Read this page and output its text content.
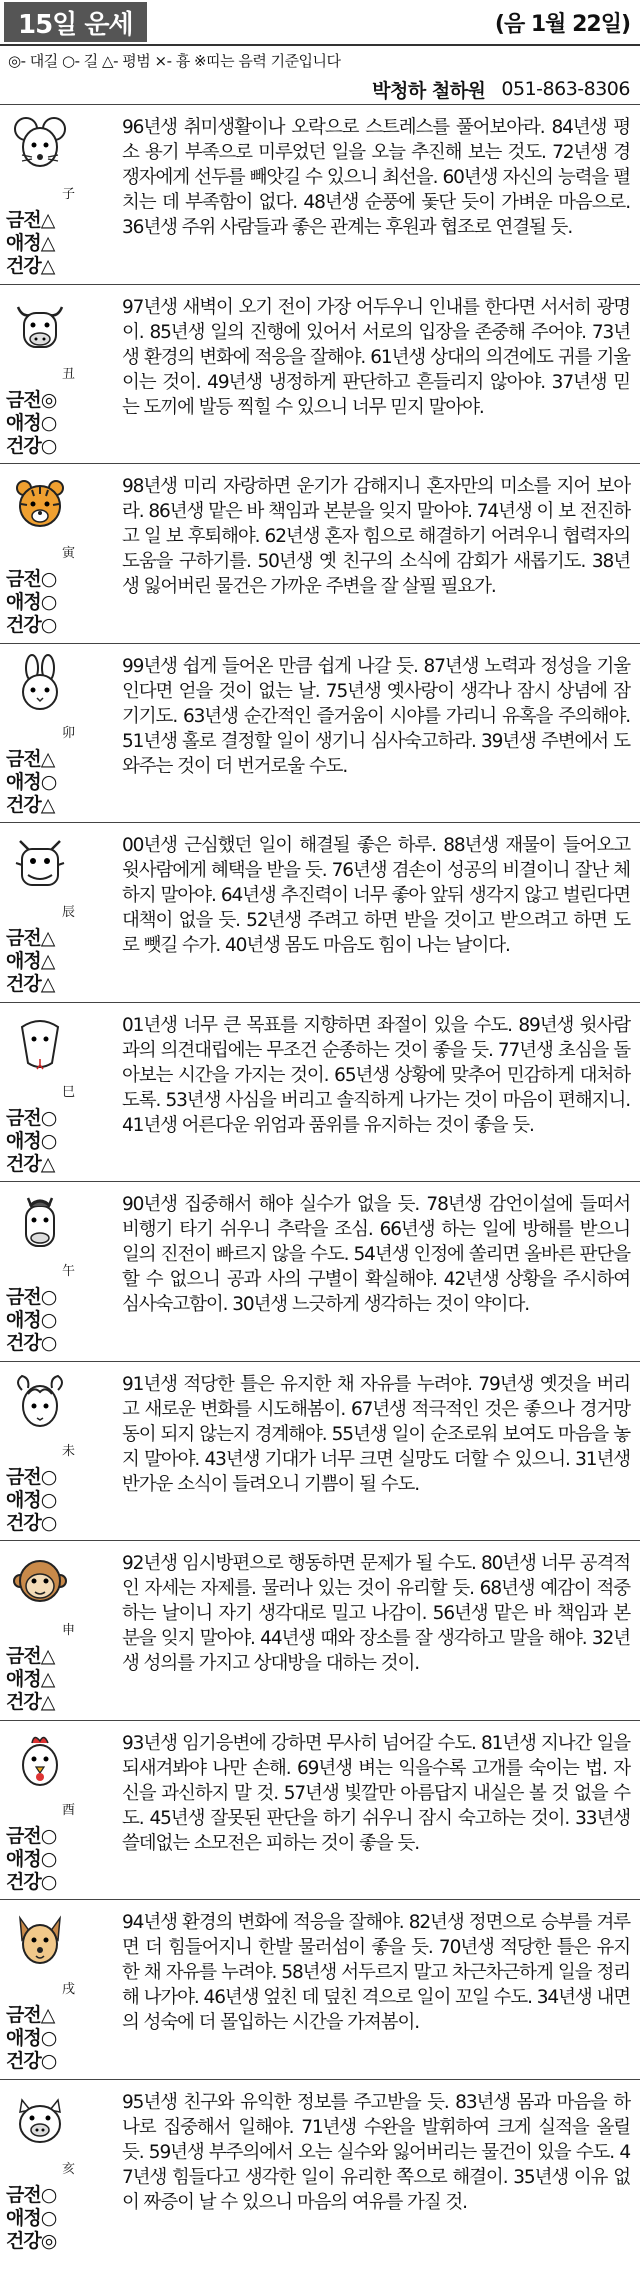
15일 운세	(음 1월 22일)
◎- 대길 ○- 길 △- 평범 ×- 흉 ※띠는 음력 기준입니다
박청하 철하원 051-863-8306
子
금전△
애정△
건강△
96년생 취미생활이나 오락으로 스트레스를 풀어보아라. 84년생 평소 용기 부족으로 미루었던 일을 오늘 추진해 보는 것도. 72년생 경쟁자에게 선두를 빼앗길 수 있으니 최선을. 60년생 자신의 능력을 펼치는 데 부족함이 없다. 48년생 순풍에 돛단 듯이 가벼운 마음으로. 36년생 주위 사람들과 좋은 관계는 후원과 협조로 연결될 듯.
丑
금전◎
애정○
건강○
97년생 새벽이 오기 전이 가장 어두우니 인내를 한다면 서서히 광명이. 85년생 일의 진행에 있어서 서로의 입장을 존중해 주어야. 73년생 환경의 변화에 적응을 잘해야. 61년생 상대의 의견에도 귀를 기울이는 것이. 49년생 냉정하게 판단하고 흔들리지 않아야. 37년생 믿는 도끼에 발등 찍힐 수 있으니 너무 믿지 말아야.
寅
금전○
애정○
건강○
98년생 미리 자랑하면 운기가 감해지니 혼자만의 미소를 지어 보아라. 86년생 맡은 바 책임과 본분을 잊지 말아야. 74년생 이 보 전진하고 일 보 후퇴해야. 62년생 혼자 힘으로 해결하기 어려우니 협력자의 도움을 구하기를. 50년생 옛 친구의 소식에 감회가 새롭기도. 38년생 잃어버린 물건은 가까운 주변을 잘 살필 필요가.
卯
금전△
애정○
건강△
99년생 쉽게 들어온 만큼 쉽게 나갈 듯. 87년생 노력과 정성을 기울인다면 얻을 것이 없는 날. 75년생 옛사랑이 생각나 잠시 상념에 잠기기도. 63년생 순간적인 즐거움이 시야를 가리니 유혹을 주의해야. 51년생 홀로 결정할 일이 생기니 심사숙고하라. 39년생 주변에서 도와주는 것이 더 번거로울 수도.
辰
금전△
애정△
건강△
00년생 근심했던 일이 해결될 좋은 하루. 88년생 재물이 들어오고 윗사람에게 혜택을 받을 듯. 76년생 겸손이 성공의 비결이니 잘난 체 하지 말아야. 64년생 추진력이 너무 좋아 앞뒤 생각지 않고 벌린다면 대책이 없을 듯. 52년생 주려고 하면 받을 것이고 받으려고 하면 도로 뺏길 수가. 40년생 몸도 마음도 힘이 나는 날이다.
巳
금전○
애정○
건강△
01년생 너무 큰 목표를 지향하면 좌절이 있을 수도. 89년생 윗사람과의 의견대립에는 무조건 순종하는 것이 좋을 듯. 77년생 초심을 돌아보는 시간을 가지는 것이. 65년생 상황에 맞추어 민감하게 대처하도록. 53년생 사심을 버리고 솔직하게 나가는 것이 마음이 편해지니. 41년생 어른다운 위엄과 품위를 유지하는 것이 좋을 듯.
午
금전○
애정○
건강○
90년생 집중해서 해야 실수가 없을 듯. 78년생 감언이설에 들떠서 비행기 타기 쉬우니 추락을 조심. 66년생 하는 일에 방해를 받으니 일의 진전이 빠르지 않을 수도. 54년생 인정에 쏠리면 올바른 판단을 할 수 없으니 공과 사의 구별이 확실해야. 42년생 상황을 주시하여 심사숙고함이. 30년생 느긋하게 생각하는 것이 약이다.
未
금전○
애정○
건강○
91년생 적당한 틀은 유지한 채 자유를 누려야. 79년생 옛것을 버리고 새로운 변화를 시도해봄이. 67년생 적극적인 것은 좋으나 경거망동이 되지 않는지 경계해야. 55년생 일이 순조로워 보여도 마음을 놓지 말아야. 43년생 기대가 너무 크면 실망도 더할 수 있으니. 31년생 반가운 소식이 들려오니 기쁨이 될 수도.
申
금전△
애정△
건강△
92년생 임시방편으로 행동하면 문제가 될 수도. 80년생 너무 공격적인 자세는 자제를. 물러나 있는 것이 유리할 듯. 68년생 예감이 적중하는 날이니 자기 생각대로 밀고 나감이. 56년생 맡은 바 책임과 본분을 잊지 말아야. 44년생 때와 장소를 잘 생각하고 말을 해야. 32년생 성의를 가지고 상대방을 대하는 것이.
酉
금전○
애정○
건강○
93년생 임기응변에 강하면 무사히 넘어갈 수도. 81년생 지나간 일을 되새겨봐야 나만 손해. 69년생 벼는 익을수록 고개를 숙이는 법. 자신을 과신하지 말 것. 57년생 빛깔만 아름답지 내실은 볼 것 없을 수도. 45년생 잘못된 판단을 하기 쉬우니 잠시 숙고하는 것이. 33년생 쓸데없는 소모전은 피하는 것이 좋을 듯.
戌
금전△
애정○
건강○
94년생 환경의 변화에 적응을 잘해야. 82년생 정면으로 승부를 겨루면 더 힘들어지니 한발 물러섬이 좋을 듯. 70년생 적당한 틀은 유지한 채 자유를 누려야. 58년생 서두르지 말고 차근차근하게 일을 정리해 나가야. 46년생 엎친 데 덮친 격으로 일이 꼬일 수도. 34년생 내면의 성숙에 더 몰입하는 시간을 가져봄이.
亥
금전○
애정○
건강◎
95년생 친구와 유익한 정보를 주고받을 듯. 83년생 몸과 마음을 하나로 집중해서 일해야. 71년생 수완을 발휘하여 크게 실적을 올릴 듯. 59년생 부주의에서 오는 실수와 잃어버리는 물건이 있을 수도. 47년생 힘들다고 생각한 일이 유리한 쪽으로 해결이. 35년생 이유 없이 짜증이 날 수 있으니 마음의 여유를 가질 것.
